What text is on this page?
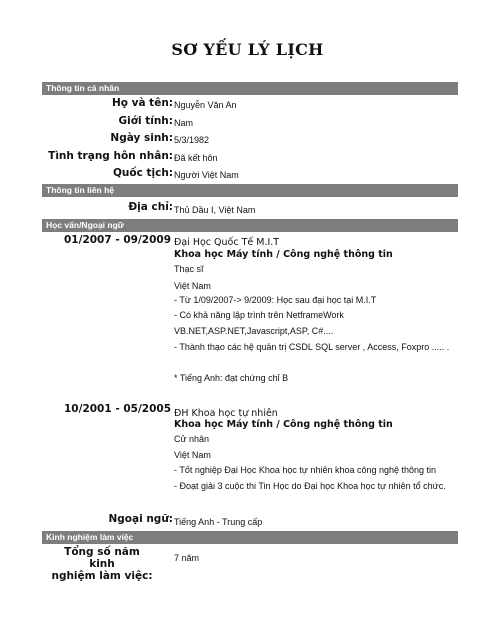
SƠ YẾU LÝ LỊCH
Thông tin cá nhân
Họ và tên: Nguyễn Văn An
Giới tính: Nam
Ngày sinh: 5/3/1982
Tình trạng hôn nhân: Đã kết hôn
Quốc tịch: Người Việt Nam
Thông tin liên hệ
Địa chỉ: Thủ Dầu I, Việt Nam
Học vấn/Ngoại ngữ
01/2007 - 09/2009 Đại Học Quốc Tế M.I.T
Khoa học Máy tính / Công nghệ thông tin
Thạc sĩ
Việt Nam
- Từ 1/09/2007-> 9/2009: Học sau đại học tại M.I.T
- Có khả năng lập trình trên NetframeWork
VB.NET,ASP.NET,Javascript,ASP, C#....
- Thành thạo các hệ quản trị CSDL SQL server , Access, Foxpro ..... .
* Tiếng Anh: đạt chứng chỉ B
10/2001 - 05/2005 ĐH Khoa học tự nhiên
Khoa học Máy tính / Công nghệ thông tin
Cử nhân
Việt Nam
- Tốt nghiệp Đại Học Khoa học tự nhiên khoa công nghệ thông tin
- Đoạt giải 3 cuộc thi Tin Học do Đại học Khoa học tự nhiên tổ chức.
Ngoại ngữ: Tiếng Anh - Trung cấp
Kinh nghiệm làm việc
Tổng số năm kinh
nghiệm làm việc:
7 năm
